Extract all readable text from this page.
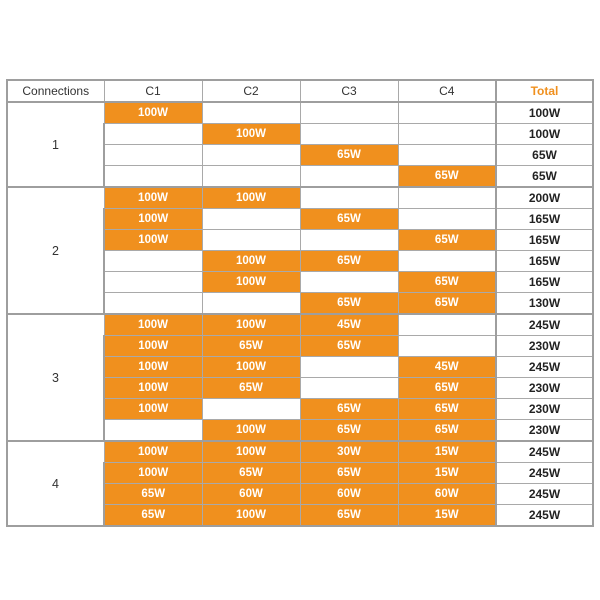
Connections	C1	C2	C3	C4	Total
1	100W				100W
		100W			100W
			65W		65W
				65W	65W
2	100W	100W			200W
	100W		65W		165W
	100W			65W	165W
		100W	65W		165W
		100W		65W	165W
			65W	65W	130W
3	100W	100W	45W		245W
	100W	65W	65W		230W
	100W	100W		45W	245W
	100W	65W		65W	230W
	100W		65W	65W	230W
		100W	65W	65W	230W
4	100W	100W	30W	15W	245W
	100W	65W	65W	15W	245W
	65W	60W	60W	60W	245W
	65W	100W	65W	15W	245W
